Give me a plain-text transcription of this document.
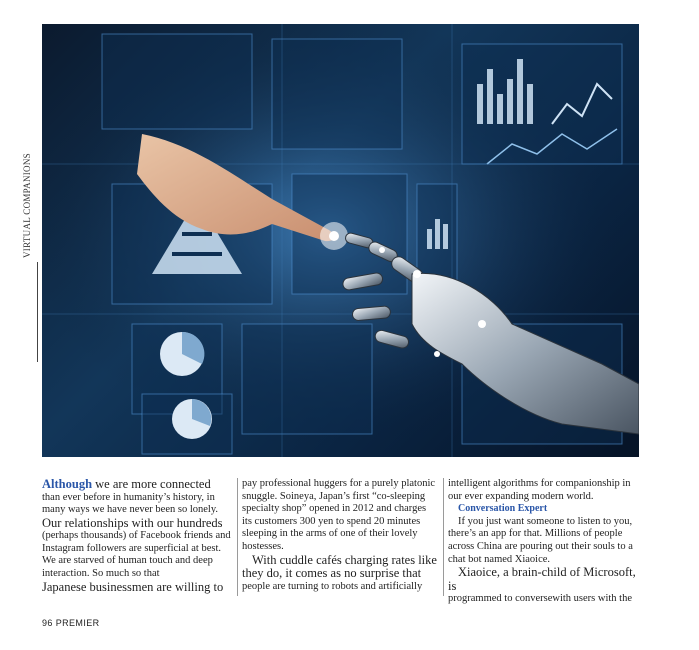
VIRTUAL COMPANIONS

Although we are more connected

than ever before in humanity’s history, in many ways we have never been so lonely.

Our relationships with our hundreds

(perhaps thousands) of Facebook friends and Instagram followers are superficial at best. We are starved of human touch and deep interaction. So much so that

Japanese businessmen are willing to

pay professional huggers for a purely platonic snuggle. Soineya, Japan’s first “co-sleeping specialty shop” opened in 2012 and charges its customers 300 yen to spend 20 minutes sleeping in the arms of one of their lovely hostesses.

With cuddle cafés charging rates like they do, it comes as no surprise that

people are turning to robots and artificially

intelligent algorithms for companionship in our ever expanding modern world.

Conversation Expert

If you just want someone to listen to you, there’s an app for that. Millions of people across China are pouring out their souls to a chat bot named Xiaoice.

Xiaoice, a brain-child of Microsoft, is

programmed to conversewith users with the

96 PREMIER
